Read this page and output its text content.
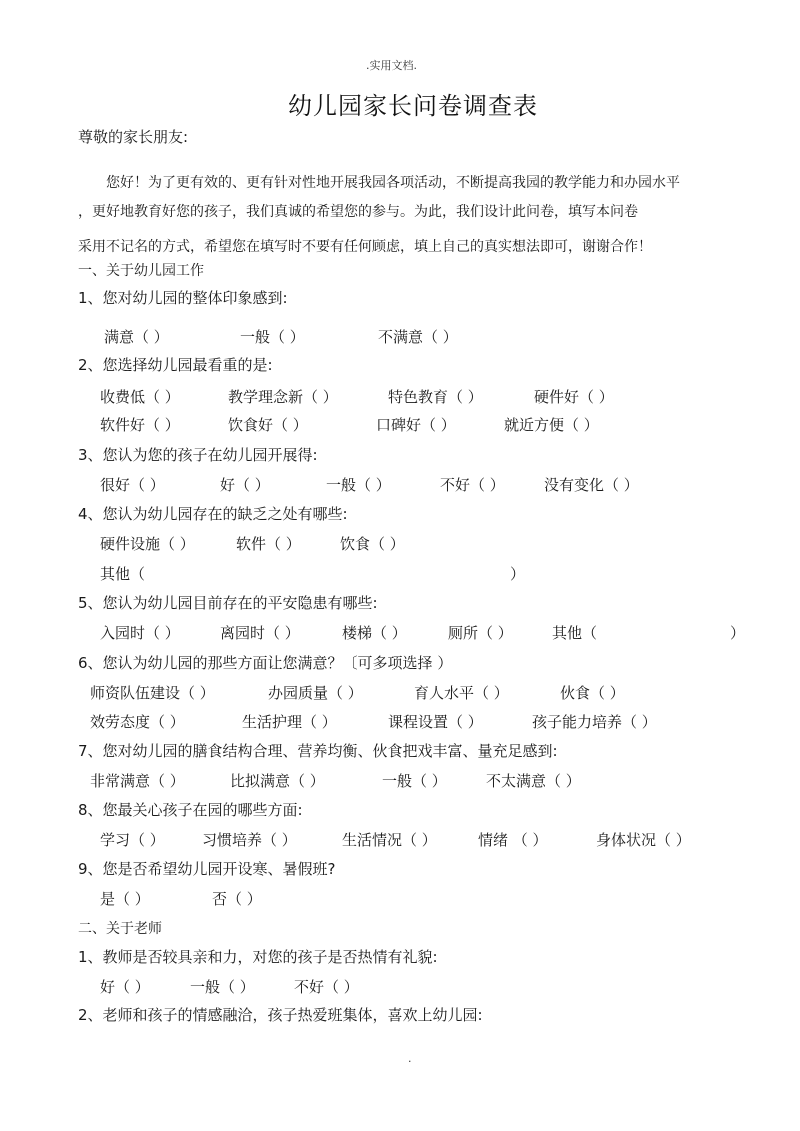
.实用文档.
幼儿园家长问卷调查表
尊敬的家长朋友:
您好！为了更有效的、更有针对性地开展我园各项活动，不断提高我园的教学能力和办园水平
，更好地教育好您的孩子，我们真诚的希望您的参与。为此，我们设计此问卷，填写本问卷
采用不记名的方式，希望您在填写时不要有任何顾虑，填上自己的真实想法即可，谢谢合作！
一、关于幼儿园工作
1、您对幼儿园的整体印象感到:
满意（ ）	一般（ ）	不满意（ ）
2、您选择幼儿园最看重的是:
收费低（ ）	教学理念新（ ）	特色教育（ ）	硬件好（ ）
软件好（ ）	饮食好（ ）	口碑好（ ）	就近方便（ ）
3、您认为您的孩子在幼儿园开展得:
很好（ ）	好（ ）	一般（ ）	不好（ ）	没有变化（ ）
4、您认为幼儿园存在的缺乏之处有哪些:
硬件设施（ ）	软件（ ）	饮食（ ）
其他（	）
5、您认为幼儿园目前存在的平安隐患有哪些:
入园时（ ）	离园时（ ）	楼梯（ ）	厕所（ ）	其他（	）
6、您认为幼儿园的那些方面让您满意？〔可多项选择 ）
师资队伍建设（ ）	办园质量（ ）	育人水平（ ）	伙食（ ）
效劳态度（ ）	生活护理（ ）	课程设置（ ）	孩子能力培养（ ）
7、您对幼儿园的膳食结构合理、营养均衡、伙食把戏丰富、量充足感到:
非常满意（ ）	比拟满意（ ）	一般（ ）	不太满意（ ）
8、您最关心孩子在园的哪些方面:
学习（ ） 习惯培养（ ）	生活情况（ ）	情绪 （ ）	身体状况（ ）
9、您是否希望幼儿园开设寒、暑假班?
是（ ）	否（ ）
二、关于老师
1、教师是否较具亲和力，对您的孩子是否热情有礼貌:
好（ ）	一般（ ）	不好（ ）
2、老师和孩子的情感融洽，孩子热爱班集体，喜欢上幼儿园:
.
